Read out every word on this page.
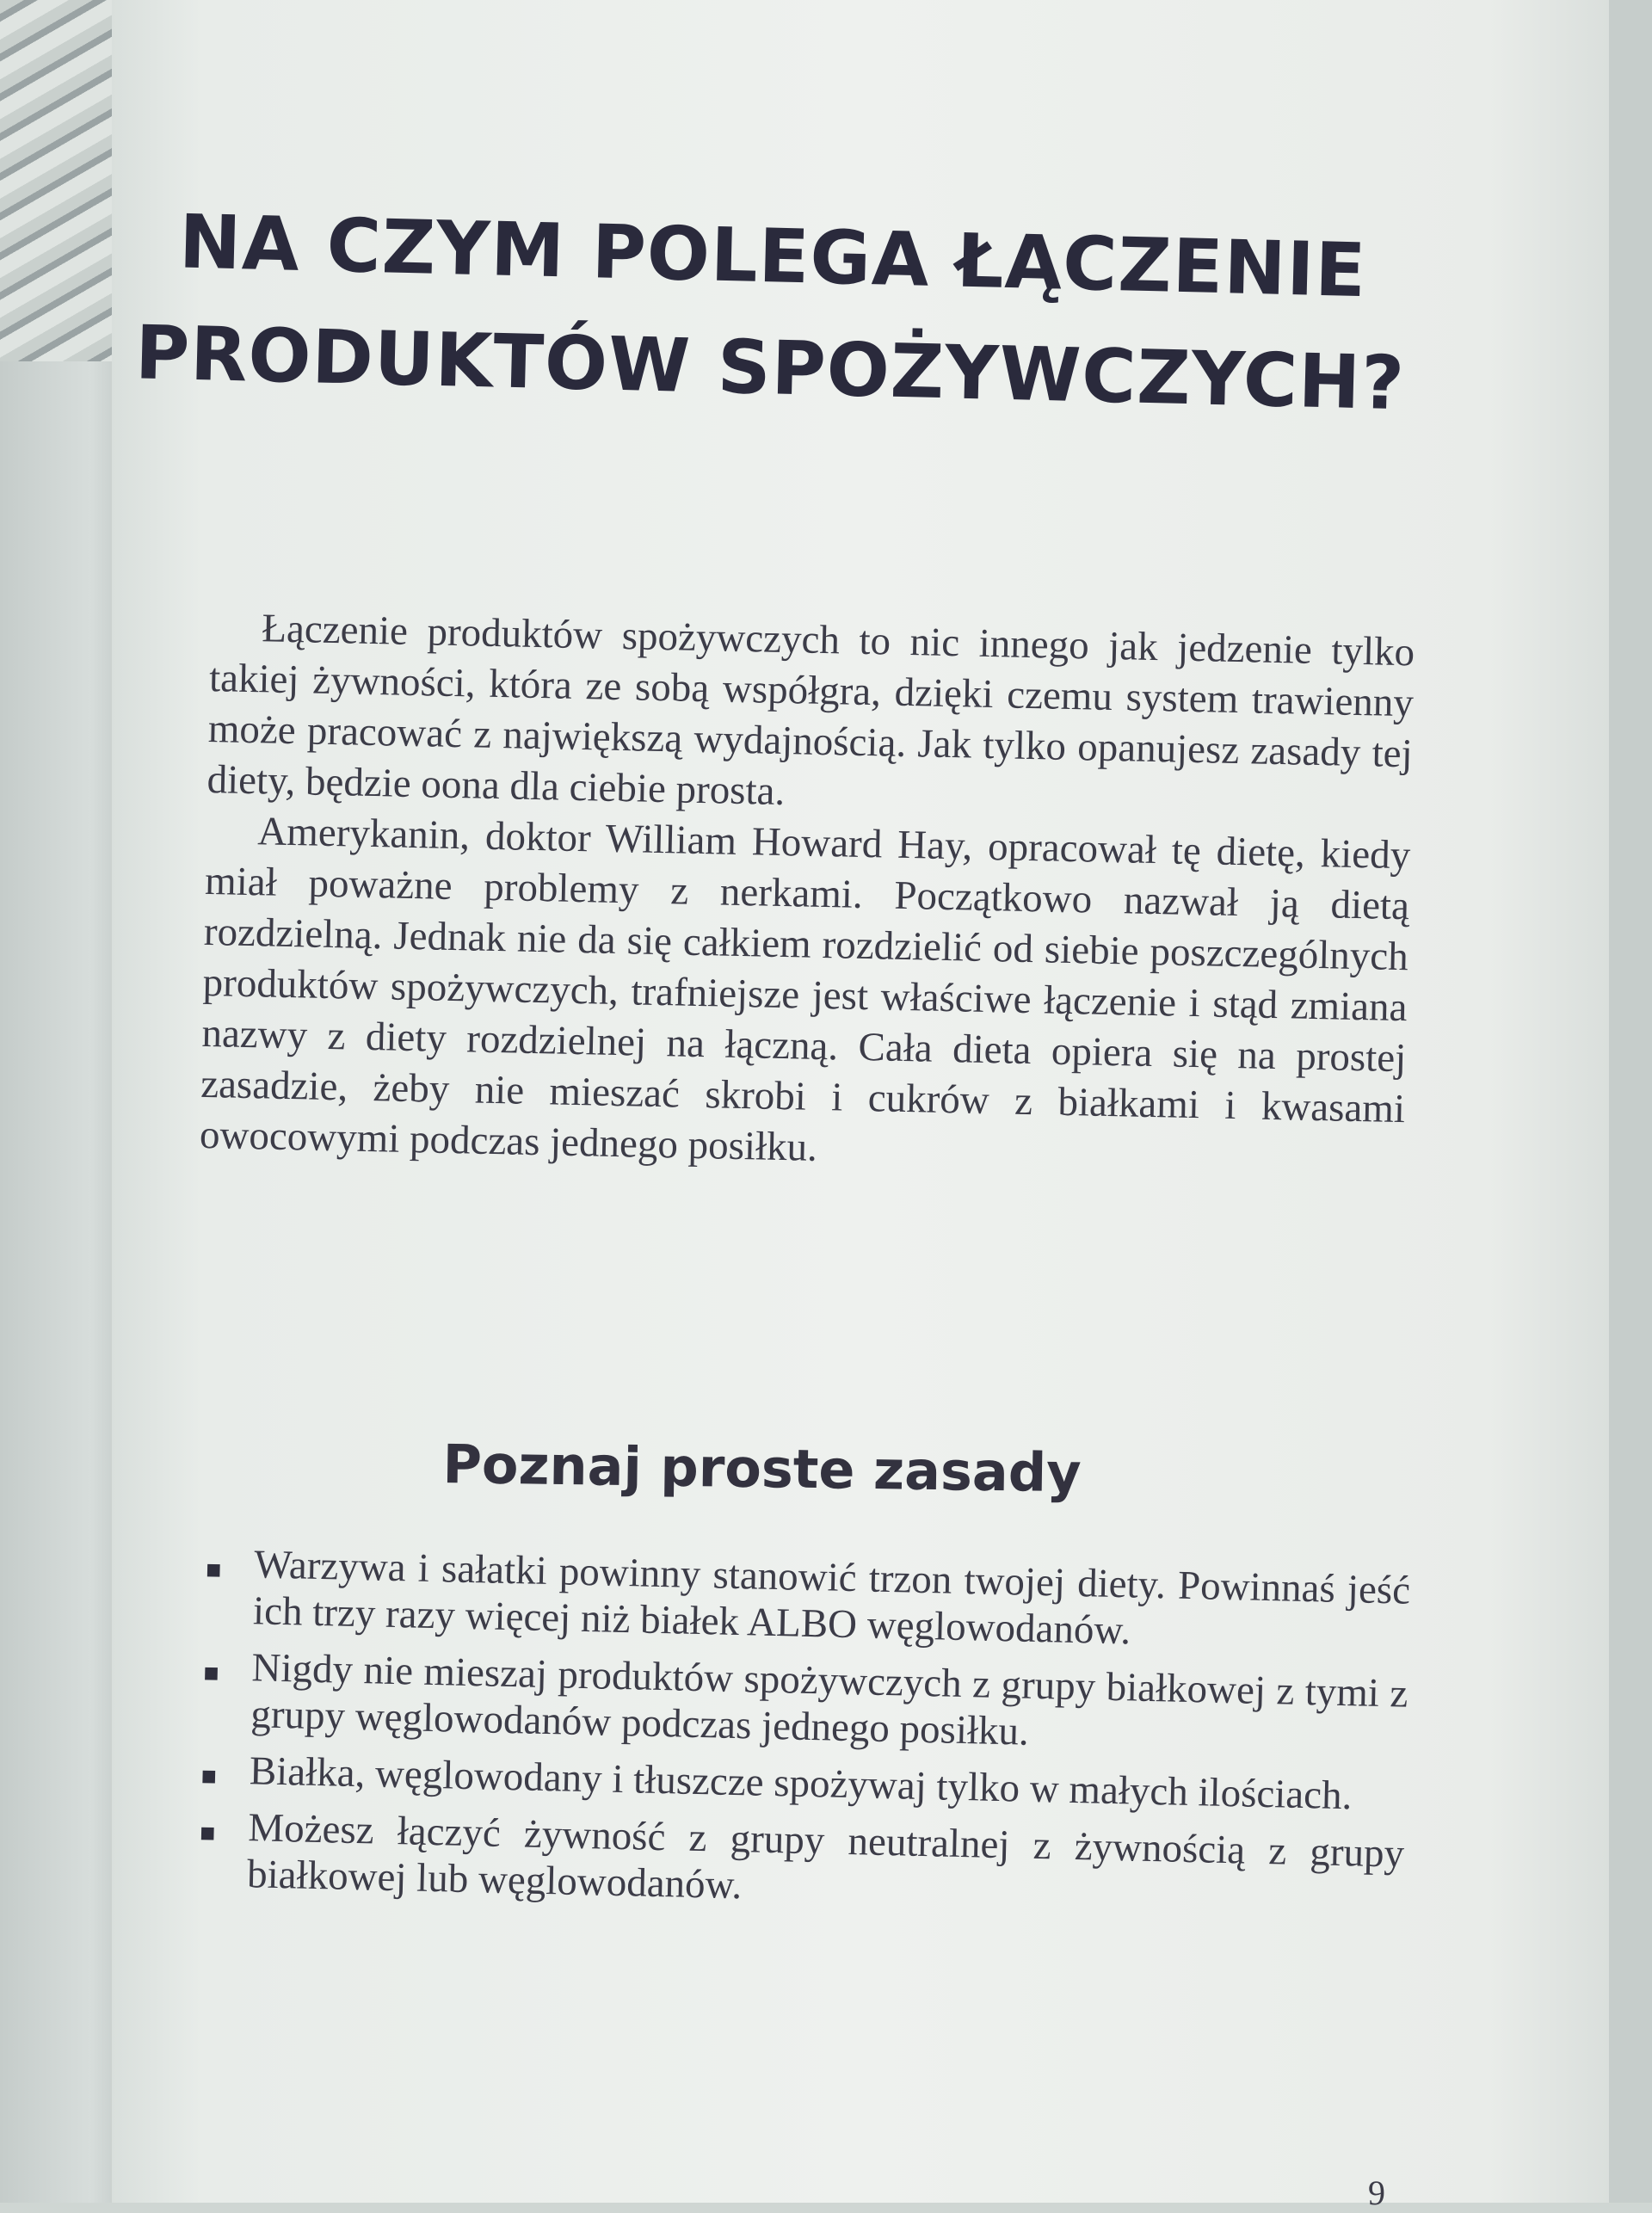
NA CZYM POLEGA ŁĄCZENIE
PRODUKTÓW SPOŻYWCZYCH?

Łączenie produktów spożywczych to nic innego jak jedzenie tylko takiej żywności, która ze sobą współgra, dzięki czemu system trawienny może pracować z największą wydajnością. Jak tylko opanujesz zasady tej diety, będzie oona dla ciebie prosta.

Amerykanin, doktor William Howard Hay, opracował tę dietę, kiedy miał poważne problemy z nerkami. Początkowo nazwał ją dietą rozdzielną. Jednak nie da się całkiem rozdzielić od siebie poszczególnych produktów spożywczych, trafniejsze jest właściwe łączenie i stąd zmiana nazwy z diety rozdzielnej na łączną. Cała dieta opiera się na prostej zasadzie, żeby nie mieszać skrobi i cukrów z białkami i kwasami owocowymi podczas jednego posiłku.

Poznaj proste zasady
■ Warzywa i sałatki powinny stanowić trzon twojej diety. Powinnaś jeść ich trzy razy więcej niż białek ALBO węglowodanów.
■ Nigdy nie mieszaj produktów spożywczych z grupy białkowej z tymi z grupy węglowodanów podczas jednego posiłku.
■ Białka, węglowodany i tłuszcze spożywaj tylko w małych ilościach.
■ Możesz łączyć żywność z grupy neutralnej z żywnością z grupy białkowej lub węglowodanów.
9
